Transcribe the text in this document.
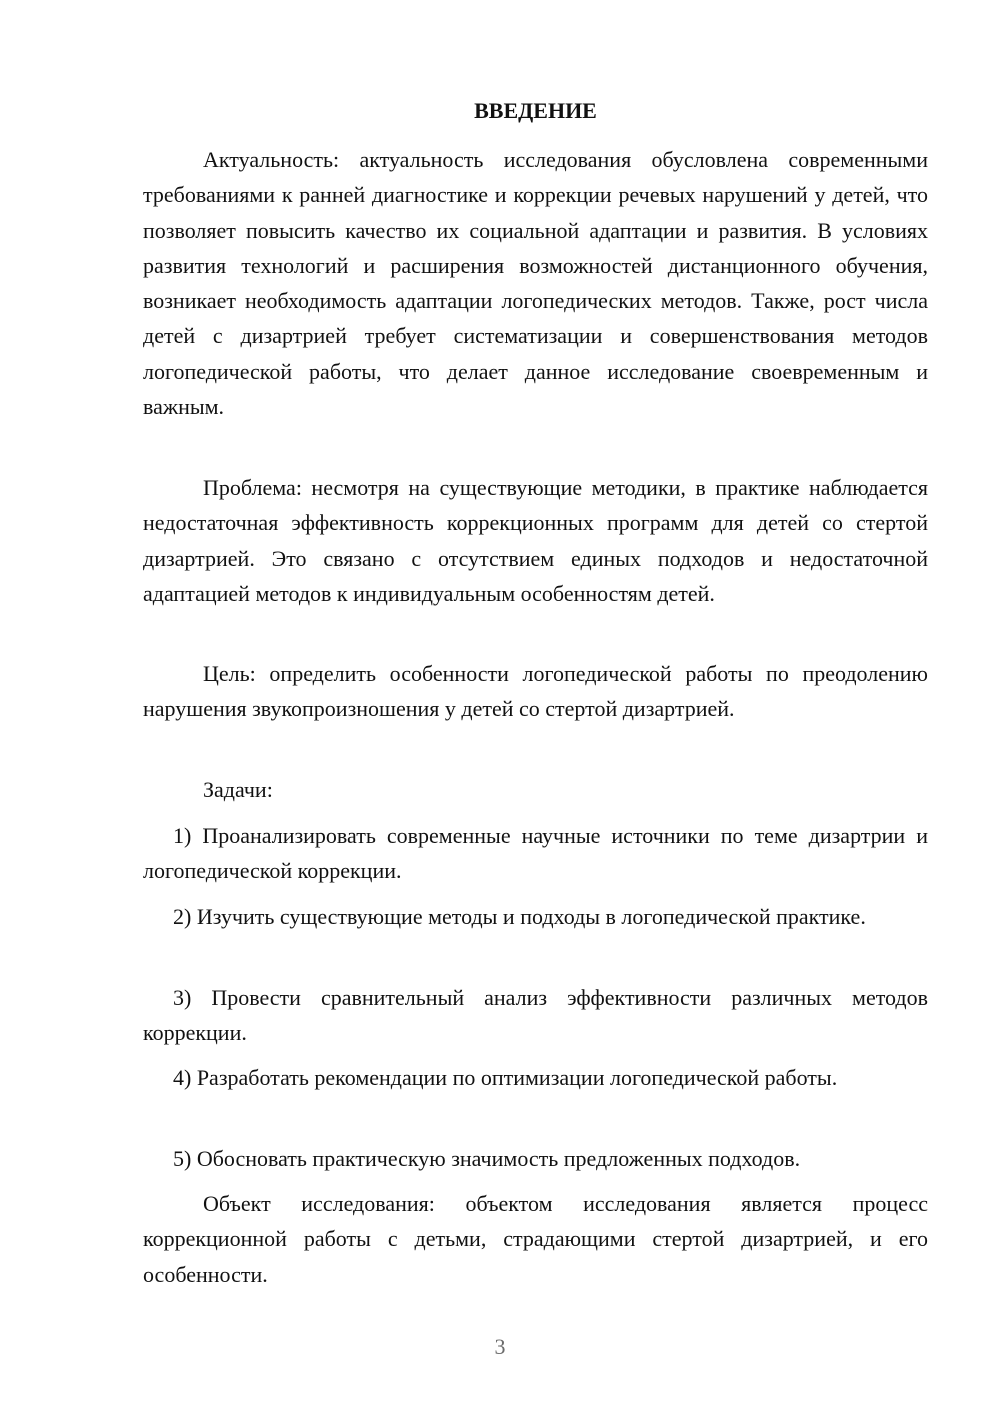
ВВЕДЕНИЕ

Актуальность: актуальность исследования обусловлена современными требованиями к ранней диагностике и коррекции речевых нарушений у детей, что позволяет повысить качество их социальной адаптации и развития. В условиях развития технологий и расширения возможностей дистанционного обучения, возникает необходимость адаптации логопедических методов. Также, рост числа детей с дизартрией требует систематизации и совершенствования методов логопедической работы, что делает данное исследование своевременным и важным.

Проблема: несмотря на существующие методики, в практике наблюдается недостаточная эффективность коррекционных программ для детей со стертой дизартрией. Это связано с отсутствием единых подходов и недостаточной адаптацией методов к индивидуальным особенностям детей.

Цель: определить особенности логопедической работы по преодолению нарушения звукопроизношения у детей со стертой дизартрией.

Задачи:

1) Проанализировать современные научные источники по теме дизартрии и логопедической коррекции.

2) Изучить существующие методы и подходы в логопедической практике.

3) Провести сравнительный анализ эффективности различных методов коррекции.

4) Разработать рекомендации по оптимизации логопедической работы.

5) Обосновать практическую значимость предложенных подходов.

Объект исследования: объектом исследования является процесс коррекционной работы с детьми, страдающими стертой дизартрией, и его особенности.

3
